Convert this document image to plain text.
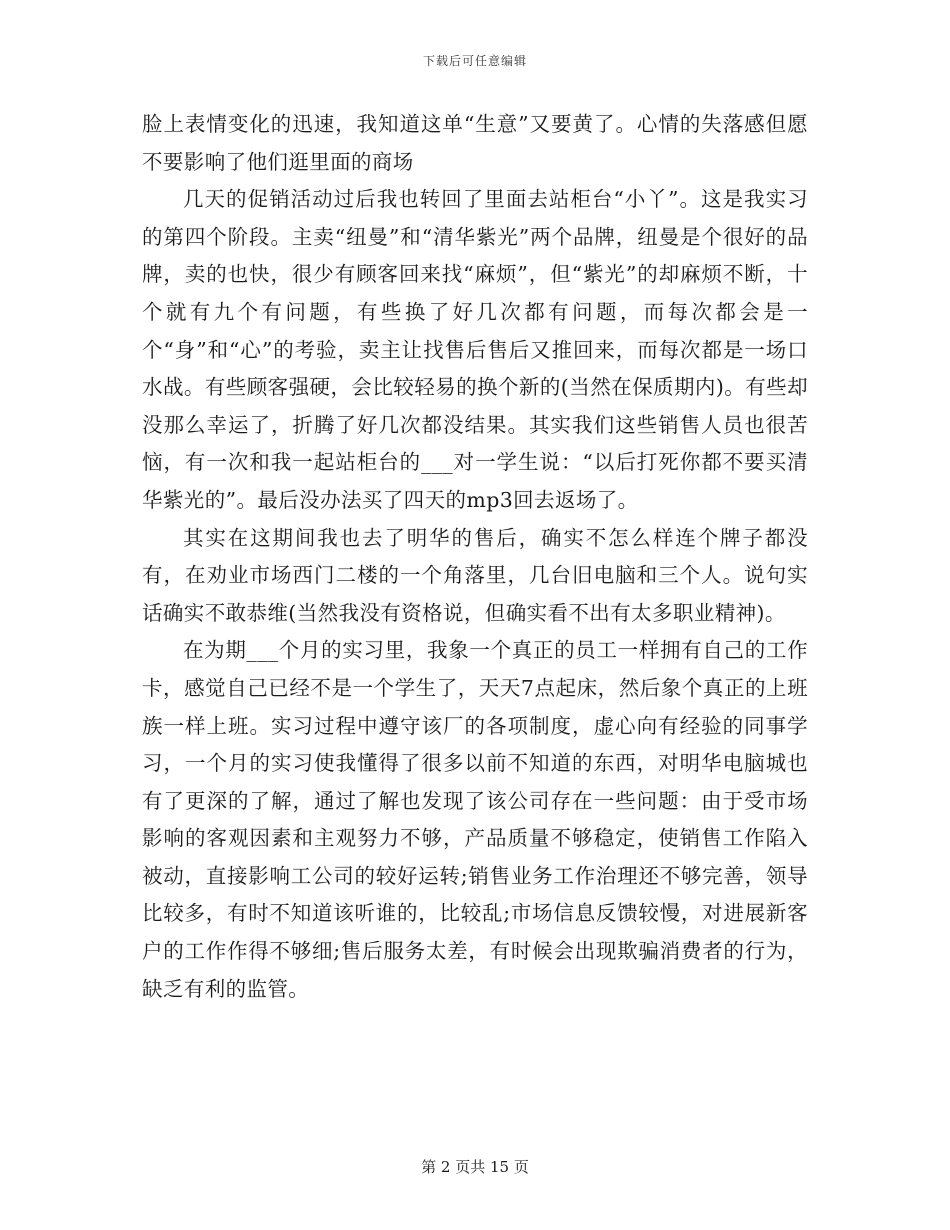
下载后可任意编辑

脸上表情变化的迅速，我知道这单“生意”又要黄了。心情的失落感但愿不要影响了他们逛里面的商场

几天的促销活动过后我也转回了里面去站柜台“小丫”。这是我实习的第四个阶段。主卖“纽曼”和“清华紫光”两个品牌，纽曼是个很好的品牌，卖的也快，很少有顾客回来找“麻烦”，但“紫光”的却麻烦不断，十个就有九个有问题，有些换了好几次都有问题，而每次都会是一个“身”和“心”的考验，卖主让找售后售后又推回来，而每次都是一场口水战。有些顾客强硬，会比较轻易的换个新的(当然在保质期内)。有些却没那么幸运了，折腾了好几次都没结果。其实我们这些销售人员也很苦恼，有一次和我一起站柜台的___对一学生说：“以后打死你都不要买清华紫光的”。最后没办法买了四天的mp3回去返场了。

其实在这期间我也去了明华的售后，确实不怎么样连个牌子都没有，在劝业市场西门二楼的一个角落里，几台旧电脑和三个人。说句实话确实不敢恭维(当然我没有资格说，但确实看不出有太多职业精神)。

在为期___个月的实习里，我象一个真正的员工一样拥有自己的工作卡，感觉自己已经不是一个学生了，天天7点起床，然后象个真正的上班族一样上班。实习过程中遵守该厂的各项制度，虚心向有经验的同事学习，一个月的实习使我懂得了很多以前不知道的东西，对明华电脑城也有了更深的了解，通过了解也发现了该公司存在一些问题：由于受市场影响的客观因素和主观努力不够，产品质量不够稳定，使销售工作陷入被动，直接影响工公司的较好运转;销售业务工作治理还不够完善，领导比较多，有时不知道该听谁的，比较乱;市场信息反馈较慢，对进展新客户的工作作得不够细;售后服务太差，有时候会出现欺骗消费者的行为，缺乏有利的监管。

第 2 页共 15 页
